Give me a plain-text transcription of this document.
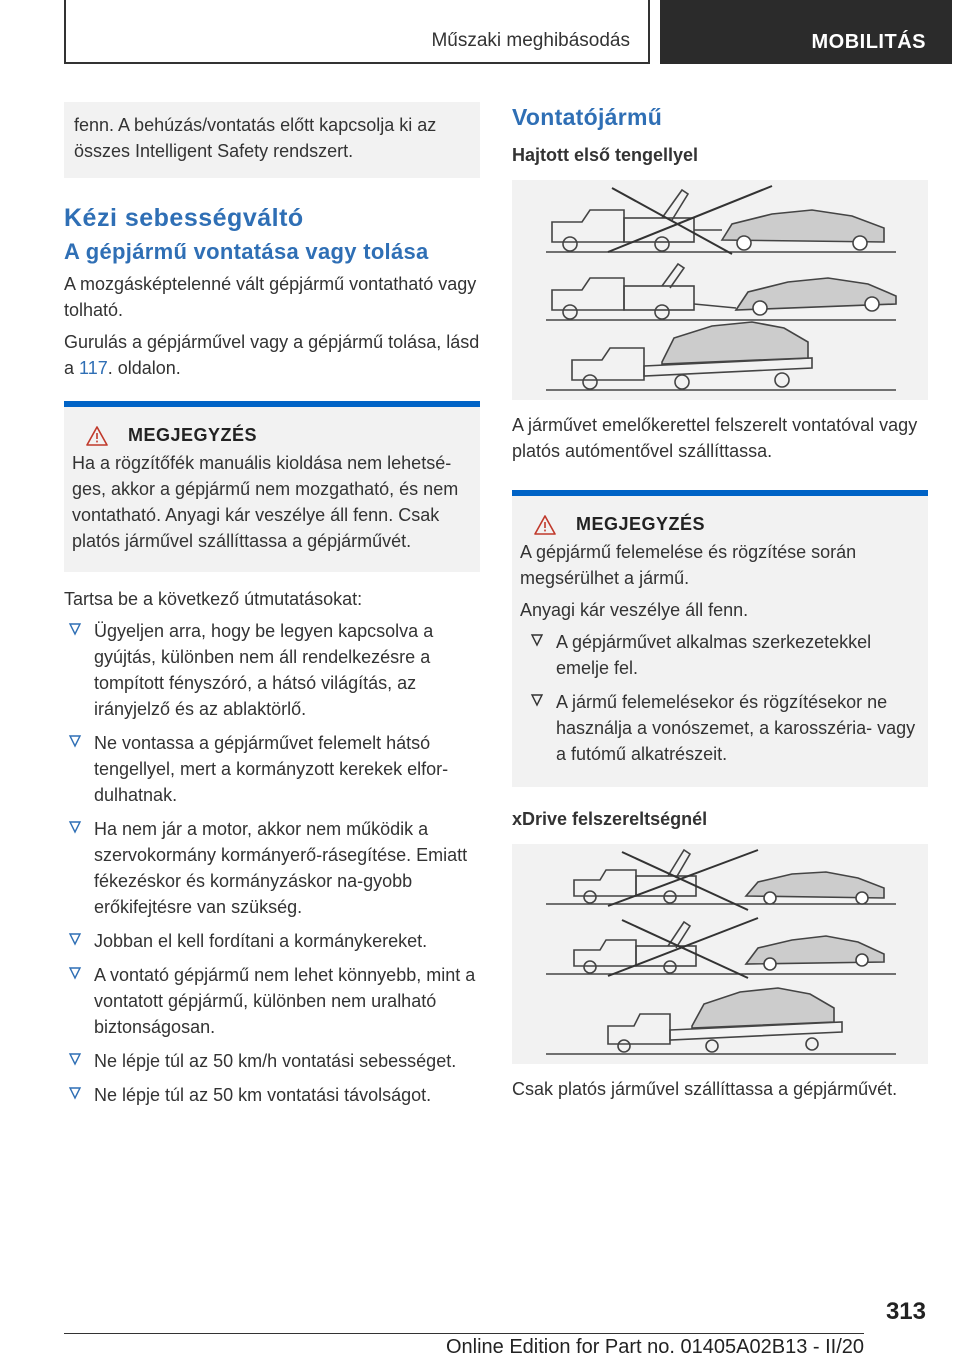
Műszaki meghibásodás	MOBILITÁS

fenn. A behúzás/vontatás előtt kapcsolja ki az összes Intelligent Safety rendszert.

Kézi sebességváltó
A gépjármű vontatása vagy tolása

A mozgásképtelenné vált gépjármű vontatható vagy tolható.

Gurulás a gépjárművel vagy a gépjármű tolása, lásd a 117. oldalon.

MEGJEGYZÉS

Ha a rögzítőfék manuális kioldása nem lehetsé-ges, akkor a gépjármű nem mozgatható, és nem vontatható. Anyagi kár veszélye áll fenn. Csak platós járművel szállíttassa a gépjárművét.

Tartsa be a következő útmutatásokat:

Ügyeljen arra, hogy be legyen kapcsolva a gyújtás, különben nem áll rendelkezésre a tompított fényszóró, a hátsó világítás, az irányjelző és az ablaktörlő.
Ne vontassa a gépjárművet felemelt hátsó tengellyel, mert a kormányzott kerekek elfor-dulhatnak.
Ha nem jár a motor, akkor nem működik a szervokormány kormányerő-rásegítése. Emiatt fékezéskor és kormányzáskor na-gyobb erőkifejtésre van szükség.
Jobban el kell fordítani a kormánykereket.
A vontató gépjármű nem lehet könnyebb, mint a vontatott gépjármű, különben nem uralható biztonságosan.
Ne lépje túl az 50 km/h vontatási sebességet.
Ne lépje túl az 50 km vontatási távolságot.
Vontatójármű
Hajtott első tengellyel

A járművet emelőkerettel felszerelt vontatóval vagy platós autómentővel szállíttassa.

MEGJEGYZÉS

A gépjármű felemelése és rögzítése során megsérülhet a jármű.

Anyagi kár veszélye áll fenn.

A gépjárművet alkalmas szerkezetekkel emelje fel.
A jármű felemelésekor és rögzítésekor ne használja a vonószemet, a karosszéria- vagy a futómű alkatrészeit.
xDrive felszereltségnél

Csak platós járművel szállíttassa a gépjárművét.

313
Online Edition for Part no. 01405A02B13 - II/20
